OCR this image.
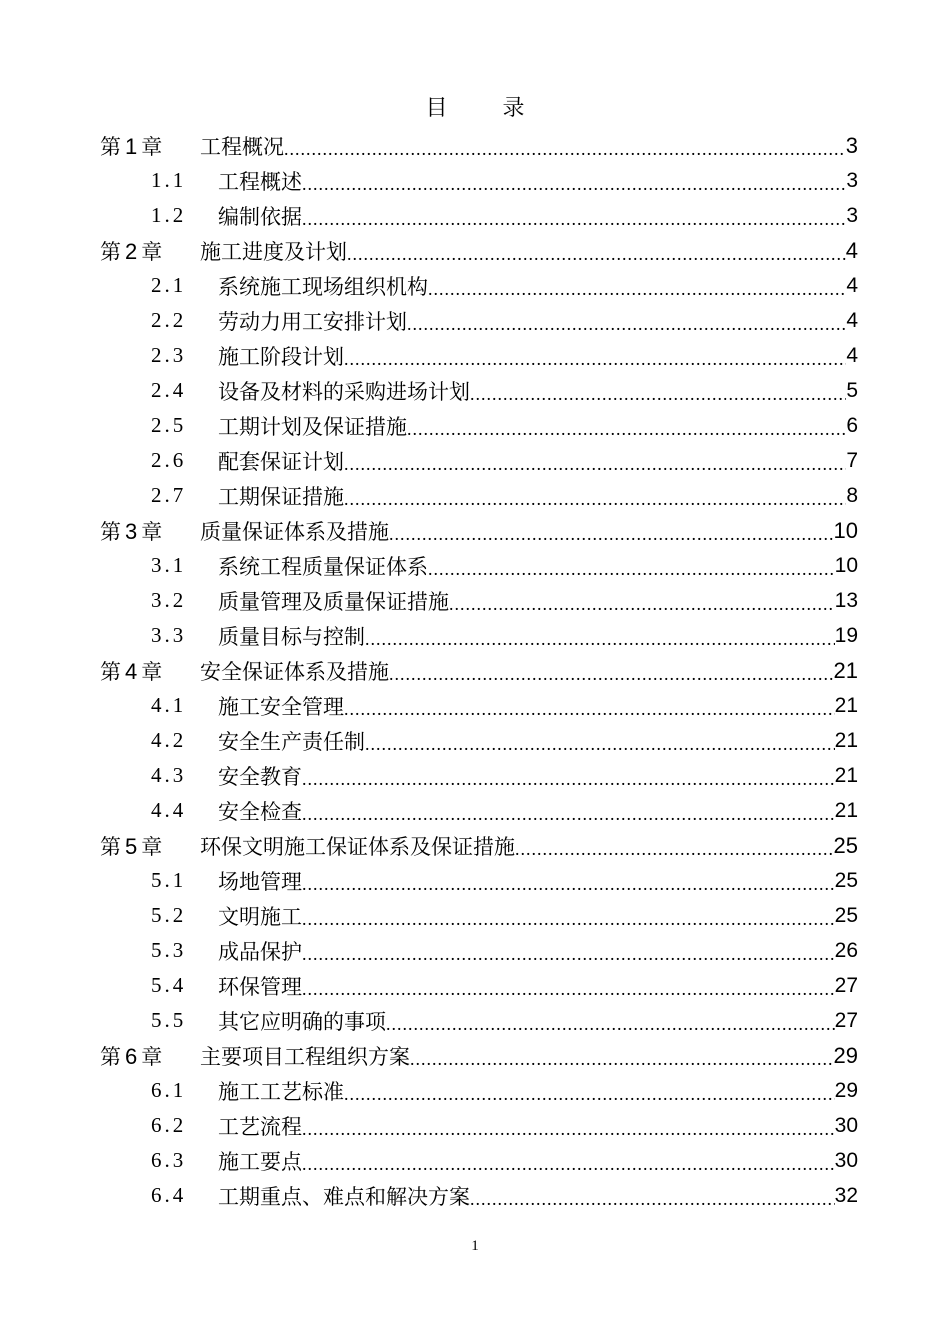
目 录
第 1 章	工程概况 .....	3
1.1	工程概述 .....	3
1.2	编制依据 .....	3
第 2 章	施工进度及计划 .....	4
2.1	系统施工现场组织机构 .....	4
2.2	劳动力用工安排计划 .....	4
2.3	施工阶段计划 .....	4
2.4	设备及材料的采购进场计划 .....	5
2.5	工期计划及保证措施 .....	6
2.6	配套保证计划 .....	7
2.7	工期保证措施 .....	8
第 3 章	质量保证体系及措施 .....	10
3.1	系统工程质量保证体系 .....	10
3.2	质量管理及质量保证措施 .....	13
3.3	质量目标与控制 .....	19
第 4 章	安全保证体系及措施 .....	21
4.1	施工安全管理 .....	21
4.2	安全生产责任制 .....	21
4.3	安全教育 .....	21
4.4	安全检查 .....	21
第 5 章	环保文明施工保证体系及保证措施 .....	25
5.1	场地管理 .....	25
5.2	文明施工 .....	25
5.3	成品保护 .....	26
5.4	环保管理 .....	27
5.5	其它应明确的事项 .....	27
第 6 章	主要项目工程组织方案 .....	29
6.1	施工工艺标准 .....	29
6.2	工艺流程 .....	30
6.3	施工要点 .....	30
6.4	工期重点、难点和解决方案 .....	32
1
